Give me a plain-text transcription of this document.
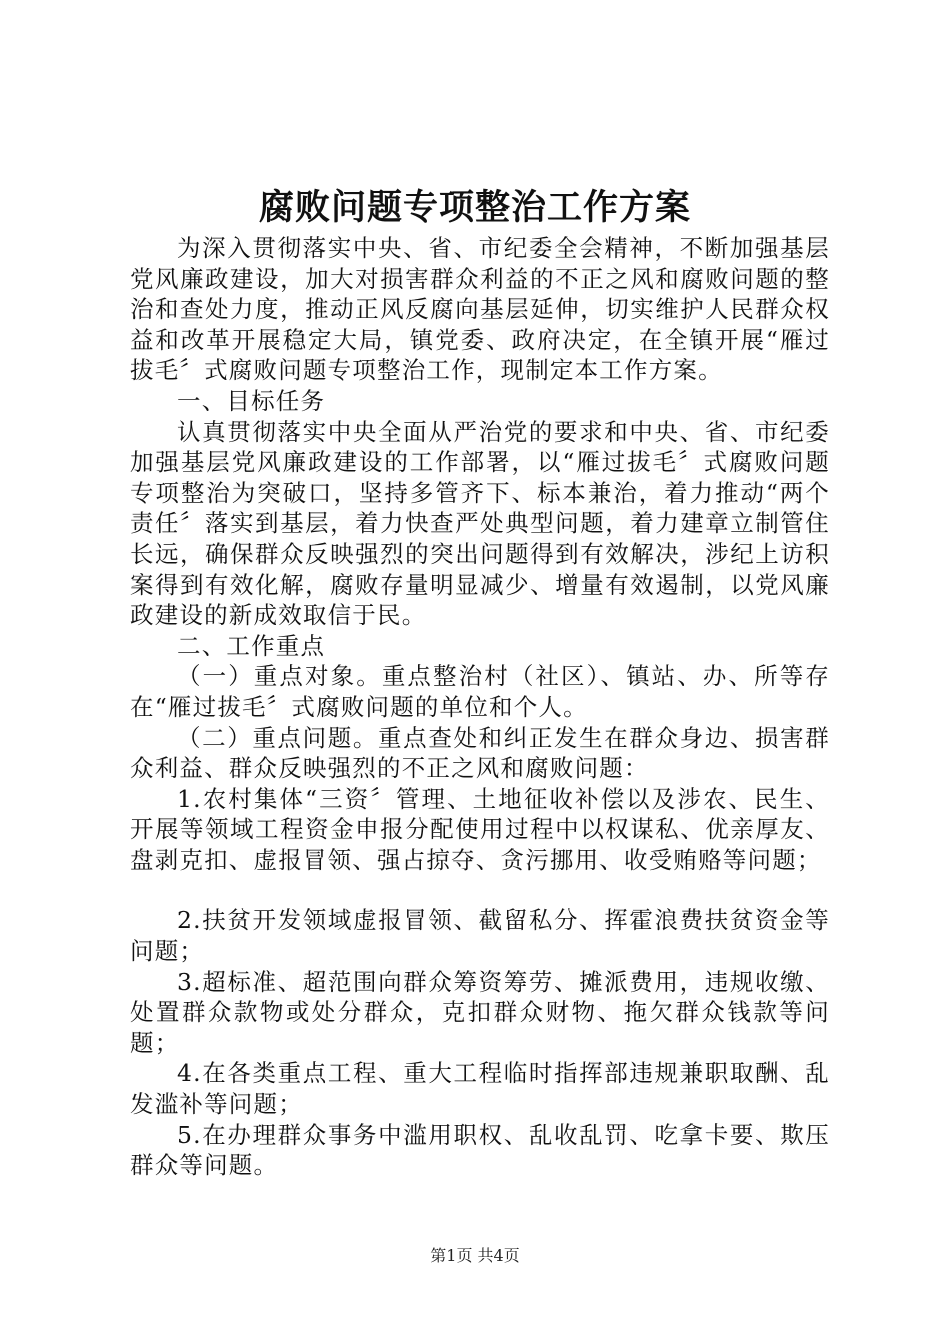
腐败问题专项整治工作方案

为深入贯彻落实中央、省、市纪委全会精神，不断加强基层党风廉政建设，加大对损害群众利益的不正之风和腐败问题的整治和查处力度，推动正风反腐向基层延伸，切实维护人民群众权益和改革开展稳定大局，镇党委、政府决定，在全镇开展“雁过拔毛〞式腐败问题专项整治工作，现制定本工作方案。

一、目标任务

认真贯彻落实中央全面从严治党的要求和中央、省、市纪委加强基层党风廉政建设的工作部署，以“雁过拔毛〞式腐败问题专项整治为突破口，坚持多管齐下、标本兼治，着力推动“两个责任〞落实到基层，着力快查严处典型问题，着力建章立制管住长远，确保群众反映强烈的突出问题得到有效解决，涉纪上访积案得到有效化解，腐败存量明显减少、增量有效遏制，以党风廉政建设的新成效取信于民。

二、工作重点

（一）重点对象。重点整治村（社区）、镇站、办、所等存在“雁过拔毛〞式腐败问题的单位和个人。

（二）重点问题。重点查处和纠正发生在群众身边、损害群众利益、群众反映强烈的不正之风和腐败问题：

1.农村集体“三资〞管理、土地征收补偿以及涉农、民生、开展等领域工程资金申报分配使用过程中以权谋私、优亲厚友、盘剥克扣、虚报冒领、强占掠夺、贪污挪用、收受贿赂等问题；

2.扶贫开发领域虚报冒领、截留私分、挥霍浪费扶贫资金等问题；

3.超标准、超范围向群众筹资筹劳、摊派费用，违规收缴、处置群众款物或处分群众，克扣群众财物、拖欠群众钱款等问题；

4.在各类重点工程、重大工程临时指挥部违规兼职取酬、乱发滥补等问题；

5.在办理群众事务中滥用职权、乱收乱罚、吃拿卡要、欺压群众等问题。

第1页 共4页
